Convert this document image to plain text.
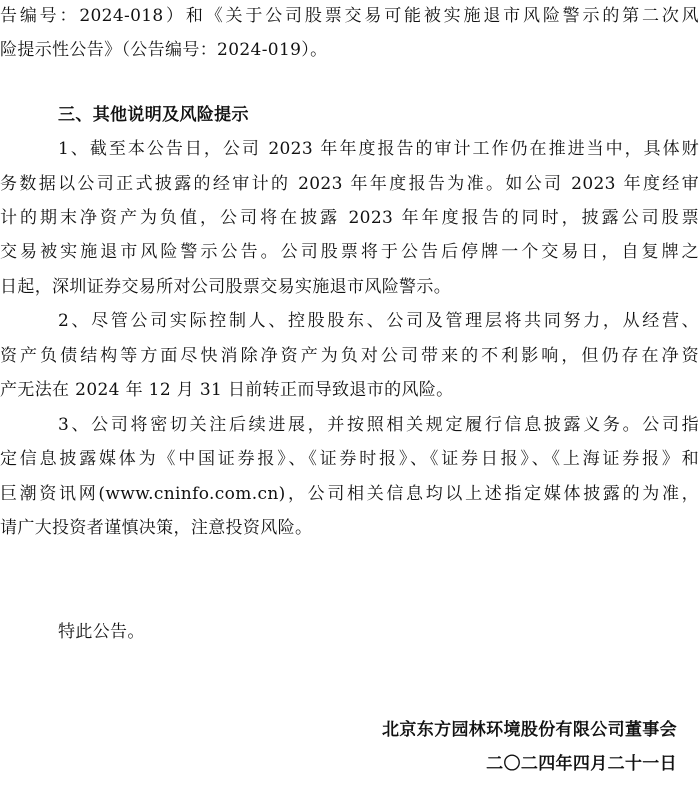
告编号：2024-018）和《关于公司股票交易可能被实施退市风险警示的第二次风
险提示性公告》（公告编号：2024-019）。
三、其他说明及风险提示
1、截至本公告日，公司 2023 年年度报告的审计工作仍在推进当中，具体财
务数据以公司正式披露的经审计的 2023 年年度报告为准。如公司 2023 年度经审
计的期末净资产为负值，公司将在披露 2023 年年度报告的同时，披露公司股票
交易被实施退市风险警示公告。公司股票将于公告后停牌一个交易日，自复牌之
日起，深圳证券交易所对公司股票交易实施退市风险警示。
2、尽管公司实际控制人、控股股东、公司及管理层将共同努力，从经营、
资产负债结构等方面尽快消除净资产为负对公司带来的不利影响，但仍存在净资
产无法在 2024 年 12 月 31 日前转正而导致退市的风险。
3、公司将密切关注后续进展，并按照相关规定履行信息披露义务。公司指
定信息披露媒体为《中国证券报》、《证券时报》、《证券日报》、《上海证券报》和
巨潮资讯网(www.cninfo.com.cn)，公司相关信息均以上述指定媒体披露的为准，
请广大投资者谨慎决策，注意投资风险。
特此公告。
北京东方园林环境股份有限公司董事会
二〇二四年四月二十一日
